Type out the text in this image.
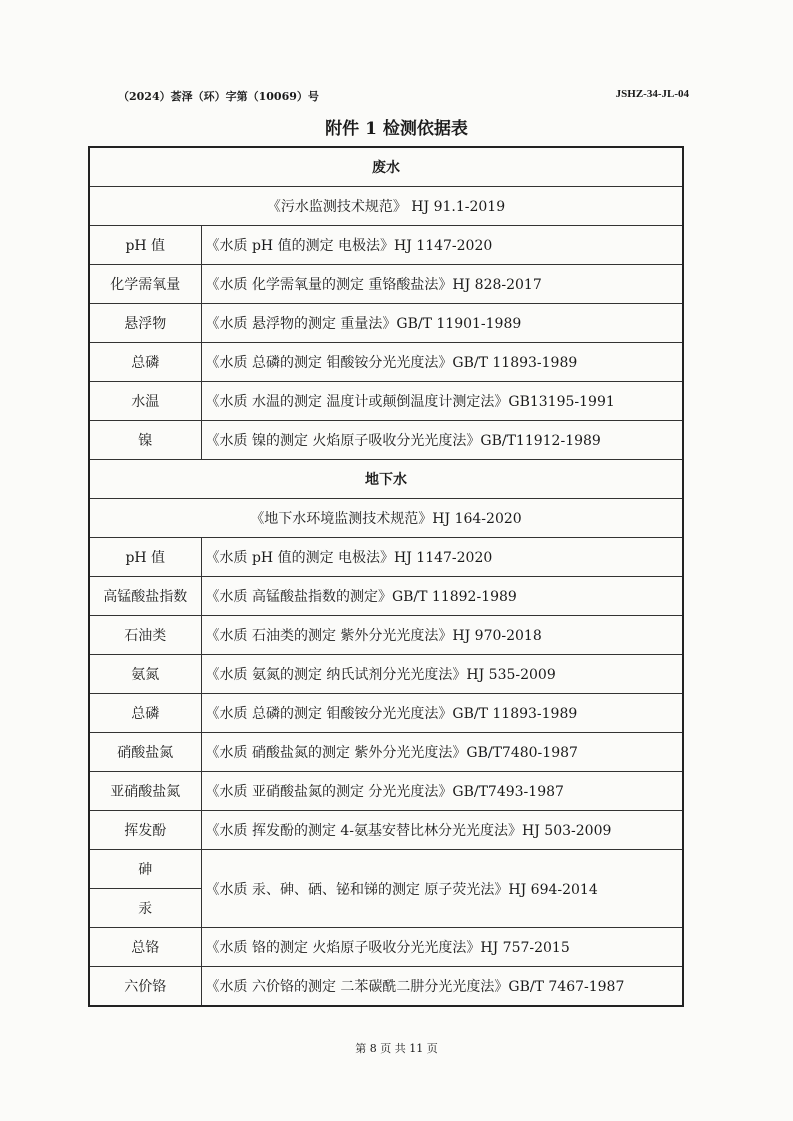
（2024）荟泽（环）字第（10069）号	JSHZ-34-JL-04
附件 1 检测依据表
废水	
《污水监测技术规范》 HJ 91.1-2019	
pH 值	《水质 pH 值的测定 电极法》HJ 1147-2020
化学需氧量	《水质 化学需氧量的测定 重铬酸盐法》HJ 828-2017
悬浮物	《水质 悬浮物的测定 重量法》GB/T 11901-1989
总磷	《水质 总磷的测定 钼酸铵分光光度法》GB/T 11893-1989
水温	《水质 水温的测定 温度计或颠倒温度计测定法》GB13195-1991
镍	《水质 镍的测定 火焰原子吸收分光光度法》GB/T11912-1989
地下水	
《地下水环境监测技术规范》HJ 164-2020	
pH 值	《水质 pH 值的测定 电极法》HJ 1147-2020
高锰酸盐指数	《水质 高锰酸盐指数的测定》GB/T 11892-1989
石油类	《水质 石油类的测定 紫外分光光度法》HJ 970-2018
氨氮	《水质 氨氮的测定 纳氏试剂分光光度法》HJ 535-2009
总磷	《水质 总磷的测定 钼酸铵分光光度法》GB/T 11893-1989
硝酸盐氮	《水质 硝酸盐氮的测定 紫外分光光度法》GB/T7480-1987
亚硝酸盐氮	《水质 亚硝酸盐氮的测定 分光光度法》GB/T7493-1987
挥发酚	《水质 挥发酚的测定 4-氨基安替比林分光光度法》HJ 503-2009
砷	《水质 汞、砷、硒、铋和锑的测定 原子荧光法》HJ 694-2014
汞	
总铬	《水质 铬的测定 火焰原子吸收分光光度法》HJ 757-2015
六价铬	《水质 六价铬的测定 二苯碳酰二肼分光光度法》GB/T 7467-1987
第 8 页 共 11 页
